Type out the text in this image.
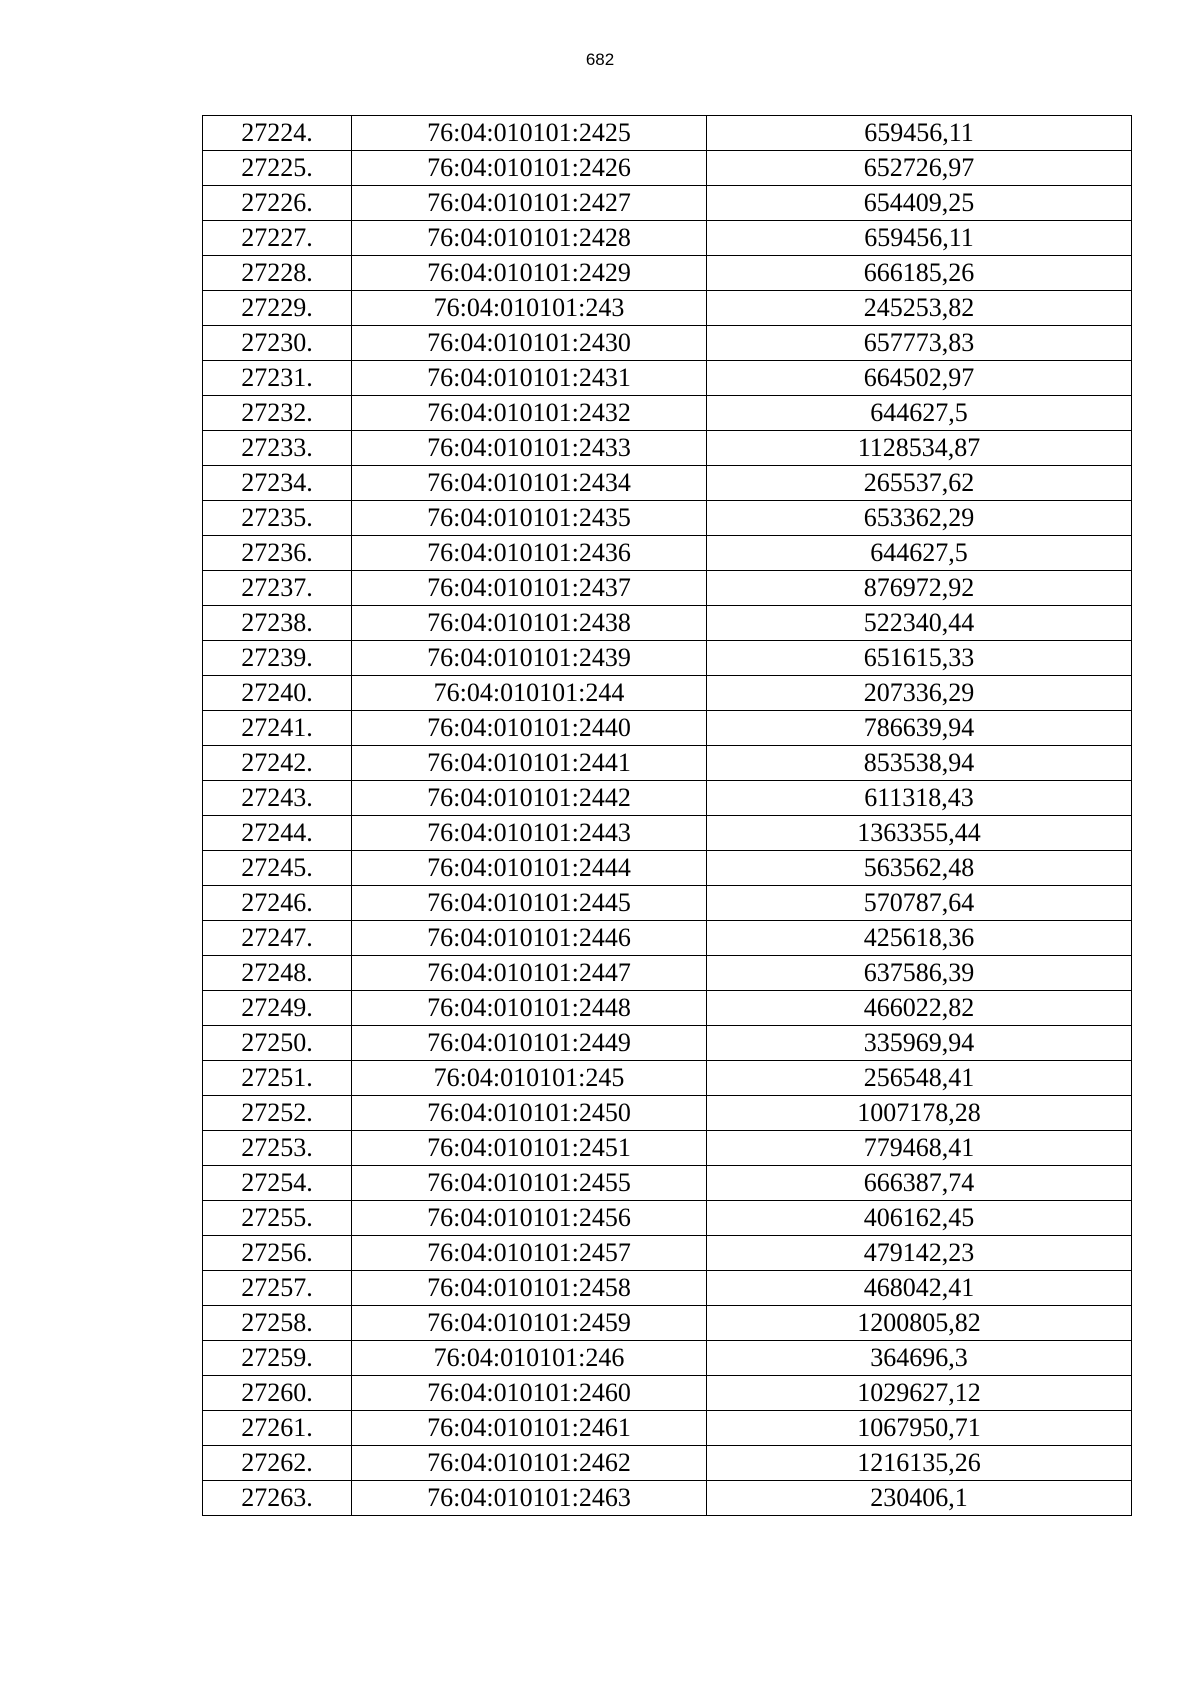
682
27224.	76:04:010101:2425	659456,11
27225.	76:04:010101:2426	652726,97
27226.	76:04:010101:2427	654409,25
27227.	76:04:010101:2428	659456,11
27228.	76:04:010101:2429	666185,26
27229.	76:04:010101:243	245253,82
27230.	76:04:010101:2430	657773,83
27231.	76:04:010101:2431	664502,97
27232.	76:04:010101:2432	644627,5
27233.	76:04:010101:2433	1128534,87
27234.	76:04:010101:2434	265537,62
27235.	76:04:010101:2435	653362,29
27236.	76:04:010101:2436	644627,5
27237.	76:04:010101:2437	876972,92
27238.	76:04:010101:2438	522340,44
27239.	76:04:010101:2439	651615,33
27240.	76:04:010101:244	207336,29
27241.	76:04:010101:2440	786639,94
27242.	76:04:010101:2441	853538,94
27243.	76:04:010101:2442	611318,43
27244.	76:04:010101:2443	1363355,44
27245.	76:04:010101:2444	563562,48
27246.	76:04:010101:2445	570787,64
27247.	76:04:010101:2446	425618,36
27248.	76:04:010101:2447	637586,39
27249.	76:04:010101:2448	466022,82
27250.	76:04:010101:2449	335969,94
27251.	76:04:010101:245	256548,41
27252.	76:04:010101:2450	1007178,28
27253.	76:04:010101:2451	779468,41
27254.	76:04:010101:2455	666387,74
27255.	76:04:010101:2456	406162,45
27256.	76:04:010101:2457	479142,23
27257.	76:04:010101:2458	468042,41
27258.	76:04:010101:2459	1200805,82
27259.	76:04:010101:246	364696,3
27260.	76:04:010101:2460	1029627,12
27261.	76:04:010101:2461	1067950,71
27262.	76:04:010101:2462	1216135,26
27263.	76:04:010101:2463	230406,1
